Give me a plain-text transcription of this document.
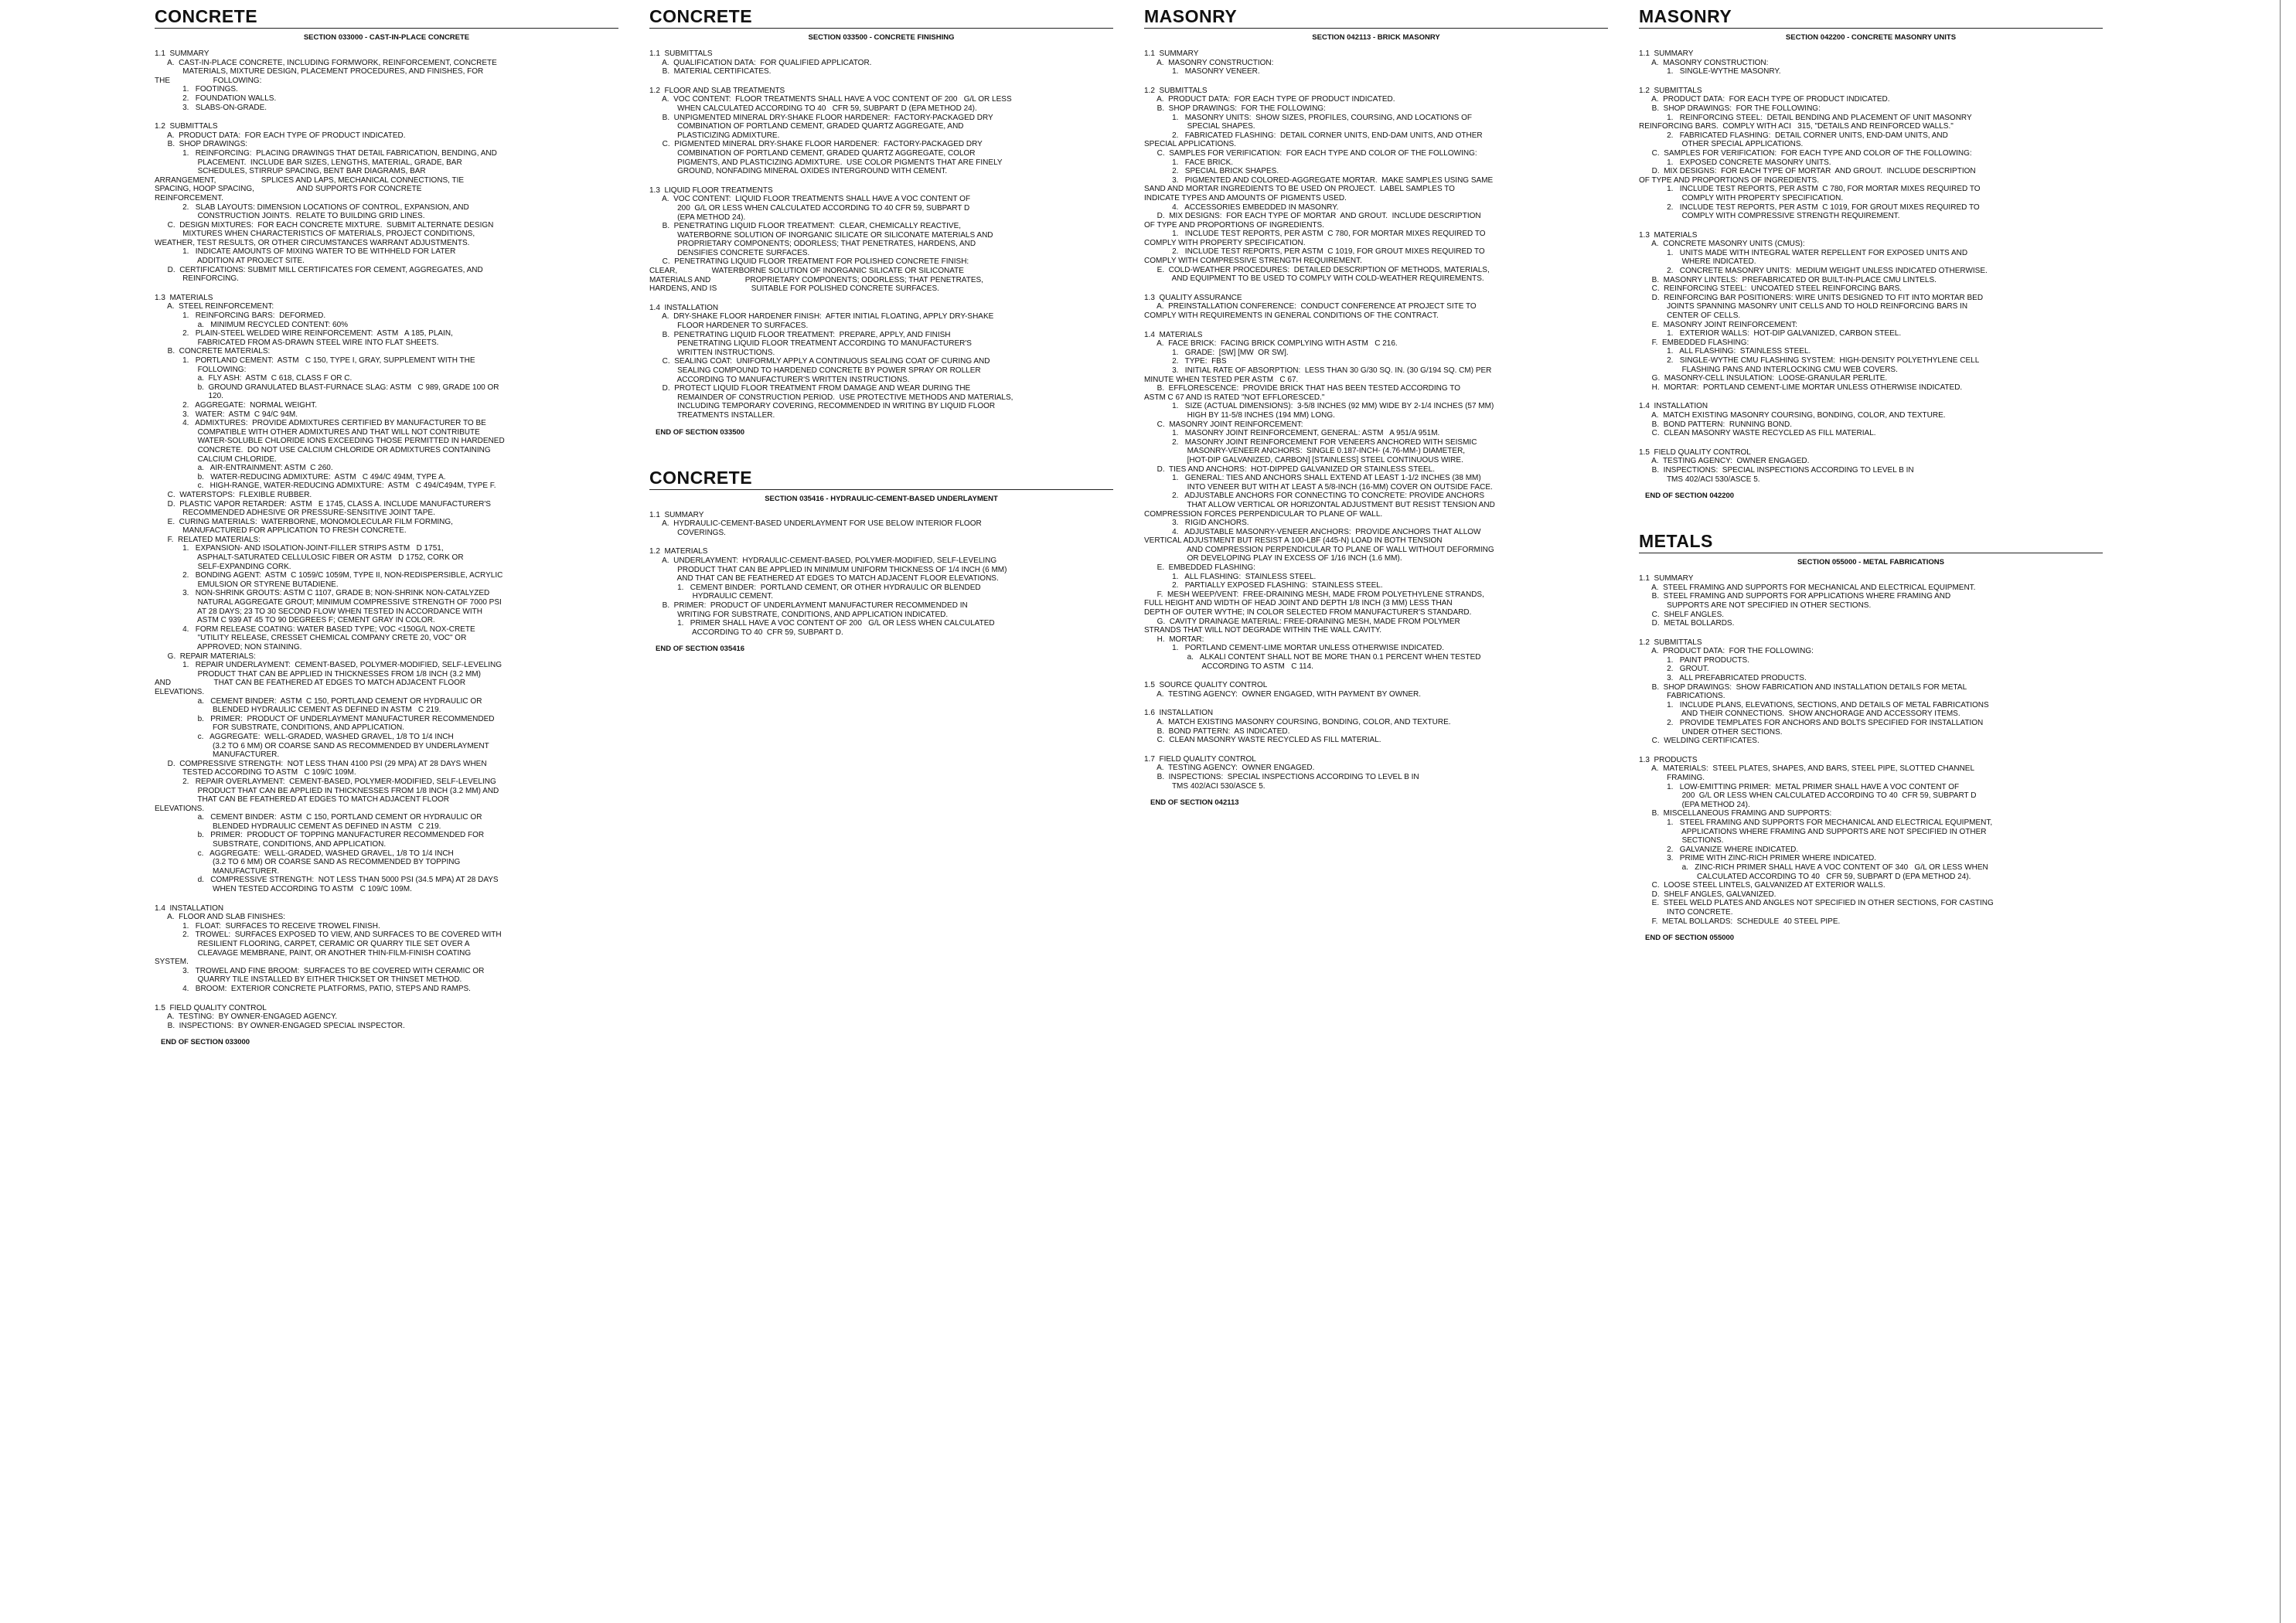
CONCRETE
SECTION 033000 - CAST-IN-PLACE CONCRETE
1.1  SUMMARY
A.  CAST-IN-PLACE CONCRETE, INCLUDING FORMWORK, REINFORCEMENT, CONCRETE
MATERIALS, MIXTURE DESIGN, PLACEMENT PROCEDURES, AND FINISHES, FOR
THE                    FOLLOWING:
1.   FOOTINGS.
2.   FOUNDATION WALLS.
3.   SLABS-ON-GRADE.
1.2  SUBMITTALS
A.  PRODUCT DATA:  FOR EACH TYPE OF PRODUCT INDICATED.
B.  SHOP DRAWINGS:
1.   REINFORCING:  PLACING DRAWINGS THAT DETAIL FABRICATION, BENDING, AND
PLACEMENT.  INCLUDE BAR SIZES, LENGTHS, MATERIAL, GRADE, BAR
SCHEDULES, STIRRUP SPACING, BENT BAR DIAGRAMS, BAR
ARRANGEMENT,                     SPLICES AND LAPS, MECHANICAL CONNECTIONS, TIE
SPACING, HOOP SPACING,                    AND SUPPORTS FOR CONCRETE
REINFORCEMENT.
2.   SLAB LAYOUTS: DIMENSION LOCATIONS OF CONTROL, EXPANSION, AND
CONSTRUCTION JOINTS.  RELATE TO BUILDING GRID LINES.
C.  DESIGN MIXTURES:  FOR EACH CONCRETE MIXTURE.  SUBMIT ALTERNATE DESIGN
MIXTURES WHEN CHARACTERISTICS OF MATERIALS, PROJECT CONDITIONS,
WEATHER, TEST RESULTS, OR OTHER CIRCUMSTANCES WARRANT ADJUSTMENTS.
1.   INDICATE AMOUNTS OF MIXING WATER TO BE WITHHELD FOR LATER
ADDITION AT PROJECT SITE.
D.  CERTIFICATIONS: SUBMIT MILL CERTIFICATES FOR CEMENT, AGGREGATES, AND
REINFORCING.
1.3  MATERIALS
A.  STEEL REINFORCEMENT:
1.   REINFORCING BARS:  DEFORMED.
a.   MINIMUM RECYCLED CONTENT: 60%
2.   PLAIN-STEEL WELDED WIRE REINFORCEMENT:  ASTM   A 185, PLAIN,
FABRICATED FROM AS-DRAWN STEEL WIRE INTO FLAT SHEETS.
B.  CONCRETE MATERIALS:
1.   PORTLAND CEMENT:  ASTM   C 150, TYPE I, GRAY, SUPPLEMENT WITH THE
FOLLOWING:
a.  FLY ASH:  ASTM  C 618, CLASS F OR C.
b.  GROUND GRANULATED BLAST-FURNACE SLAG: ASTM   C 989, GRADE 100 OR
120.
2.   AGGREGATE:  NORMAL WEIGHT.
3.   WATER:  ASTM  C 94/C 94M.
4.   ADMIXTURES:  PROVIDE ADMIXTURES CERTIFIED BY MANUFACTURER TO BE
COMPATIBLE WITH OTHER ADMIXTURES AND THAT WILL NOT CONTRIBUTE
WATER-SOLUBLE CHLORIDE IONS EXCEEDING THOSE PERMITTED IN HARDENED
CONCRETE.  DO NOT USE CALCIUM CHLORIDE OR ADMIXTURES CONTAINING
CALCIUM CHLORIDE.
a.   AIR-ENTRAINMENT: ASTM  C 260.
b.   WATER-REDUCING ADMIXTURE:  ASTM   C 494/C 494M, TYPE A.
c.   HIGH-RANGE, WATER-REDUCING ADMIXTURE:  ASTM   C 494/C494M, TYPE F.
C.  WATERSTOPS:  FLEXIBLE RUBBER.
D.  PLASTIC VAPOR RETARDER:  ASTM   E 1745, CLASS A. INCLUDE MANUFACTURER'S
RECOMMENDED ADHESIVE OR PRESSURE-SENSITIVE JOINT TAPE.
E.  CURING MATERIALS:  WATERBORNE, MONOMOLECULAR FILM FORMING,
MANUFACTURED FOR APPLICATION TO FRESH CONCRETE.
F.  RELATED MATERIALS:
1.   EXPANSION- AND ISOLATION-JOINT-FILLER STRIPS ASTM   D 1751,
ASPHALT-SATURATED CELLULOSIC FIBER OR ASTM   D 1752, CORK OR
SELF-EXPANDING CORK.
2.   BONDING AGENT:  ASTM  C 1059/C 1059M, TYPE II, NON-REDISPERSIBLE, ACRYLIC
EMULSION OR STYRENE BUTADIENE.
3.   NON-SHRINK GROUTS: ASTM C 1107, GRADE B; NON-SHRINK NON-CATALYZED
NATURAL AGGREGATE GROUT; MINIMUM COMPRESSIVE STRENGTH OF 7000 PSI
AT 28 DAYS; 23 TO 30 SECOND FLOW WHEN TESTED IN ACCORDANCE WITH
ASTM C 939 AT 45 TO 90 DEGREES F; CEMENT GRAY IN COLOR.
4.   FORM RELEASE COATING: WATER BASED TYPE; VOC <150G/L NOX-CRETE
"UTILITY RELEASE, CRESSET CHEMICAL COMPANY CRETE 20, VOC" OR
APPROVED; NON STAINING.
G.  REPAIR MATERIALS:
1.   REPAIR UNDERLAYMENT:  CEMENT-BASED, POLYMER-MODIFIED, SELF-LEVELING
PRODUCT THAT CAN BE APPLIED IN THICKNESSES FROM 1/8 INCH (3.2 MM)
AND                    THAT CAN BE FEATHERED AT EDGES TO MATCH ADJACENT FLOOR
ELEVATIONS.
a.   CEMENT BINDER:  ASTM  C 150, PORTLAND CEMENT OR HYDRAULIC OR
BLENDED HYDRAULIC CEMENT AS DEFINED IN ASTM   C 219.
b.   PRIMER:  PRODUCT OF UNDERLAYMENT MANUFACTURER RECOMMENDED
FOR SUBSTRATE, CONDITIONS, AND APPLICATION.
c.   AGGREGATE:  WELL-GRADED, WASHED GRAVEL, 1/8 TO 1/4 INCH
(3.2 TO 6 MM) OR COARSE SAND AS RECOMMENDED BY UNDERLAYMENT
MANUFACTURER.
D.  COMPRESSIVE STRENGTH:  NOT LESS THAN 4100 PSI (29 MPA) AT 28 DAYS WHEN
TESTED ACCORDING TO ASTM   C 109/C 109M.
2.   REPAIR OVERLAYMENT:  CEMENT-BASED, POLYMER-MODIFIED, SELF-LEVELING
PRODUCT THAT CAN BE APPLIED IN THICKNESSES FROM 1/8 INCH (3.2 MM) AND
THAT CAN BE FEATHERED AT EDGES TO MATCH ADJACENT FLOOR
ELEVATIONS.
a.   CEMENT BINDER:  ASTM  C 150, PORTLAND CEMENT OR HYDRAULIC OR
BLENDED HYDRAULIC CEMENT AS DEFINED IN ASTM   C 219.
b.   PRIMER:  PRODUCT OF TOPPING MANUFACTURER RECOMMENDED FOR
SUBSTRATE, CONDITIONS, AND APPLICATION.
c.   AGGREGATE:  WELL-GRADED, WASHED GRAVEL, 1/8 TO 1/4 INCH
(3.2 TO 6 MM) OR COARSE SAND AS RECOMMENDED BY TOPPING
MANUFACTURER.
d.   COMPRESSIVE STRENGTH:  NOT LESS THAN 5000 PSI (34.5 MPA) AT 28 DAYS
WHEN TESTED ACCORDING TO ASTM   C 109/C 109M.
1.4  INSTALLATION
A.  FLOOR AND SLAB FINISHES:
1.   FLOAT:  SURFACES TO RECEIVE TROWEL FINISH.
2.   TROWEL:  SURFACES EXPOSED TO VIEW, AND SURFACES TO BE COVERED WITH
RESILIENT FLOORING, CARPET, CERAMIC OR QUARRY TILE SET OVER A
CLEAVAGE MEMBRANE, PAINT, OR ANOTHER THIN-FILM-FINISH COATING
SYSTEM.
3.   TROWEL AND FINE BROOM:  SURFACES TO BE COVERED WITH CERAMIC OR
QUARRY TILE INSTALLED BY EITHER THICKSET OR THINSET METHOD.
4.   BROOM:  EXTERIOR CONCRETE PLATFORMS, PATIO, STEPS AND RAMPS.
1.5  FIELD QUALITY CONTROL
A.  TESTING:  BY OWNER-ENGAGED AGENCY.
B.  INSPECTIONS:  BY OWNER-ENGAGED SPECIAL INSPECTOR.
END OF SECTION 033000
CONCRETE
SECTION 033500 - CONCRETE FINISHING
1.1  SUBMITTALS
A.  QUALIFICATION DATA:  FOR QUALIFIED APPLICATOR.
B.  MATERIAL CERTIFICATES.
1.2  FLOOR AND SLAB TREATMENTS
A.  VOC CONTENT:  FLOOR TREATMENTS SHALL HAVE A VOC CONTENT OF 200   G/L OR LESS
WHEN CALCULATED ACCORDING TO 40   CFR 59, SUBPART D (EPA METHOD 24).
B.  UNPIGMENTED MINERAL DRY-SHAKE FLOOR HARDENER:  FACTORY-PACKAGED DRY
COMBINATION OF PORTLAND CEMENT, GRADED QUARTZ AGGREGATE, AND
PLASTICIZING ADMIXTURE.
C.  PIGMENTED MINERAL DRY-SHAKE FLOOR HARDENER:  FACTORY-PACKAGED DRY
COMBINATION OF PORTLAND CEMENT, GRADED QUARTZ AGGREGATE, COLOR
PIGMENTS, AND PLASTICIZING ADMIXTURE.  USE COLOR PIGMENTS THAT ARE FINELY
GROUND, NONFADING MINERAL OXIDES INTERGROUND WITH CEMENT.
1.3  LIQUID FLOOR TREATMENTS
A.  VOC CONTENT:  LIQUID FLOOR TREATMENTS SHALL HAVE A VOC CONTENT OF
200  G/L OR LESS WHEN CALCULATED ACCORDING TO 40 CFR 59, SUBPART D
(EPA METHOD 24).
B.  PENETRATING LIQUID FLOOR TREATMENT:  CLEAR, CHEMICALLY REACTIVE,
WATERBORNE SOLUTION OF INORGANIC SILICATE OR SILICONATE MATERIALS AND
PROPRIETARY COMPONENTS; ODORLESS; THAT PENETRATES, HARDENS, AND
DENSIFIES CONCRETE SURFACES.
C.  PENETRATING LIQUID FLOOR TREATMENT FOR POLISHED CONCRETE FINISH:
CLEAR,                WATERBORNE SOLUTION OF INORGANIC SILICATE OR SILICONATE
MATERIALS AND                PROPRIETARY COMPONENTS; ODORLESS; THAT PENETRATES,
HARDENS, AND IS                SUITABLE FOR POLISHED CONCRETE SURFACES.
1.4  INSTALLATION
A.  DRY-SHAKE FLOOR HARDENER FINISH:  AFTER INITIAL FLOATING, APPLY DRY-SHAKE
FLOOR HARDENER TO SURFACES.
B.  PENETRATING LIQUID FLOOR TREATMENT:  PREPARE, APPLY, AND FINISH
PENETRATING LIQUID FLOOR TREATMENT ACCORDING TO MANUFACTURER'S
WRITTEN INSTRUCTIONS.
C.  SEALING COAT:  UNIFORMLY APPLY A CONTINUOUS SEALING COAT OF CURING AND
SEALING COMPOUND TO HARDENED CONCRETE BY POWER SPRAY OR ROLLER
ACCORDING TO MANUFACTURER'S WRITTEN INSTRUCTIONS.
D.  PROTECT LIQUID FLOOR TREATMENT FROM DAMAGE AND WEAR DURING THE
REMAINDER OF CONSTRUCTION PERIOD.  USE PROTECTIVE METHODS AND MATERIALS,
INCLUDING TEMPORARY COVERING, RECOMMENDED IN WRITING BY LIQUID FLOOR
TREATMENTS INSTALLER.
END OF SECTION 033500
CONCRETE
SECTION 035416 - HYDRAULIC-CEMENT-BASED UNDERLAYMENT
1.1  SUMMARY
A.  HYDRAULIC-CEMENT-BASED UNDERLAYMENT FOR USE BELOW INTERIOR FLOOR
COVERINGS.
1.2  MATERIALS
A.  UNDERLAYMENT:  HYDRAULIC-CEMENT-BASED, POLYMER-MODIFIED, SELF-LEVELING
PRODUCT THAT CAN BE APPLIED IN MINIMUM UNIFORM THICKNESS OF 1/4 INCH (6 MM)
AND THAT CAN BE FEATHERED AT EDGES TO MATCH ADJACENT FLOOR ELEVATIONS.
1.   CEMENT BINDER:  PORTLAND CEMENT, OR OTHER HYDRAULIC OR BLENDED
HYDRAULIC CEMENT.
B.  PRIMER:  PRODUCT OF UNDERLAYMENT MANUFACTURER RECOMMENDED IN
WRITING FOR SUBSTRATE, CONDITIONS, AND APPLICATION INDICATED.
1.   PRIMER SHALL HAVE A VOC CONTENT OF 200   G/L OR LESS WHEN CALCULATED
ACCORDING TO 40  CFR 59, SUBPART D.
END OF SECTION 035416
MASONRY
SECTION 042113 - BRICK MASONRY
1.1  SUMMARY
A.  MASONRY CONSTRUCTION:
1.   MASONRY VENEER.
1.2  SUBMITTALS
A.  PRODUCT DATA:  FOR EACH TYPE OF PRODUCT INDICATED.
B.  SHOP DRAWINGS:  FOR THE FOLLOWING:
1.   MASONRY UNITS:  SHOW SIZES, PROFILES, COURSING, AND LOCATIONS OF
SPECIAL SHAPES.
2.   FABRICATED FLASHING:  DETAIL CORNER UNITS, END-DAM UNITS, AND OTHER
SPECIAL APPLICATIONS.
C.  SAMPLES FOR VERIFICATION:  FOR EACH TYPE AND COLOR OF THE FOLLOWING:
1.   FACE BRICK.
2.   SPECIAL BRICK SHAPES.
3.   PIGMENTED AND COLORED-AGGREGATE MORTAR.  MAKE SAMPLES USING SAME
SAND AND MORTAR INGREDIENTS TO BE USED ON PROJECT.  LABEL SAMPLES TO
INDICATE TYPES AND AMOUNTS OF PIGMENTS USED.
4.   ACCESSORIES EMBEDDED IN MASONRY.
D.  MIX DESIGNS:  FOR EACH TYPE OF MORTAR  AND GROUT.  INCLUDE DESCRIPTION
OF TYPE AND PROPORTIONS OF INGREDIENTS.
1.   INCLUDE TEST REPORTS, PER ASTM  C 780, FOR MORTAR MIXES REQUIRED TO
COMPLY WITH PROPERTY SPECIFICATION.
2.   INCLUDE TEST REPORTS, PER ASTM  C 1019, FOR GROUT MIXES REQUIRED TO
COMPLY WITH COMPRESSIVE STRENGTH REQUIREMENT.
E.  COLD-WEATHER PROCEDURES:  DETAILED DESCRIPTION OF METHODS, MATERIALS,
AND EQUIPMENT TO BE USED TO COMPLY WITH COLD-WEATHER REQUIREMENTS.
1.3  QUALITY ASSURANCE
A.  PREINSTALLATION CONFERENCE:  CONDUCT CONFERENCE AT PROJECT SITE TO
COMPLY WITH REQUIREMENTS IN GENERAL CONDITIONS OF THE CONTRACT.
1.4  MATERIALS
A.  FACE BRICK:  FACING BRICK COMPLYING WITH ASTM   C 216.
1.   GRADE:  [SW] [MW  OR SW].
2.   TYPE:  FBS
3.   INITIAL RATE OF ABSORPTION:  LESS THAN 30 G/30 SQ. IN. (30 G/194 SQ. CM) PER
MINUTE WHEN TESTED PER ASTM   C 67.
B.  EFFLORESCENCE:  PROVIDE BRICK THAT HAS BEEN TESTED ACCORDING TO
ASTM C 67 AND IS RATED "NOT EFFLORESCED."
1.   SIZE (ACTUAL DIMENSIONS):  3-5/8 INCHES (92 MM) WIDE BY 2-1/4 INCHES (57 MM)
HIGH BY 11-5/8 INCHES (194 MM) LONG.
C.  MASONRY JOINT REINFORCEMENT:
1.   MASONRY JOINT REINFORCEMENT, GENERAL: ASTM   A 951/A 951M.
2.   MASONRY JOINT REINFORCEMENT FOR VENEERS ANCHORED WITH SEISMIC
MASONRY-VENEER ANCHORS:  SINGLE 0.187-INCH- (4.76-MM-) DIAMETER,
[HOT-DIP GALVANIZED, CARBON] [STAINLESS] STEEL CONTINUOUS WIRE.
D.  TIES AND ANCHORS:  HOT-DIPPED GALVANIZED OR STAINLESS STEEL.
1.   GENERAL: TIES AND ANCHORS SHALL EXTEND AT LEAST 1-1/2 INCHES (38 MM)
INTO VENEER BUT WITH AT LEAST A 5/8-INCH (16-MM) COVER ON OUTSIDE FACE.
2.   ADJUSTABLE ANCHORS FOR CONNECTING TO CONCRETE: PROVIDE ANCHORS
THAT ALLOW VERTICAL OR HORIZONTAL ADJUSTMENT BUT RESIST TENSION AND
COMPRESSION FORCES PERPENDICULAR TO PLANE OF WALL.
3.   RIGID ANCHORS.
4.   ADJUSTABLE MASONRY-VENEER ANCHORS:  PROVIDE ANCHORS THAT ALLOW
VERTICAL ADJUSTMENT BUT RESIST A 100-LBF (445-N) LOAD IN BOTH TENSION
AND COMPRESSION PERPENDICULAR TO PLANE OF WALL WITHOUT DEFORMING
OR DEVELOPING PLAY IN EXCESS OF 1/16 INCH (1.6 MM).
E.  EMBEDDED FLASHING:
1.   ALL FLASHING:  STAINLESS STEEL.
2.   PARTIALLY EXPOSED FLASHING:  STAINLESS STEEL.
F.  MESH WEEP/VENT:  FREE-DRAINING MESH, MADE FROM POLYETHYLENE STRANDS,
FULL HEIGHT AND WIDTH OF HEAD JOINT AND DEPTH 1/8 INCH (3 MM) LESS THAN
DEPTH OF OUTER WYTHE; IN COLOR SELECTED FROM MANUFACTURER'S STANDARD.
G.  CAVITY DRAINAGE MATERIAL: FREE-DRAINING MESH, MADE FROM POLYMER
STRANDS THAT WILL NOT DEGRADE WITHIN THE WALL CAVITY.
H.  MORTAR:
1.   PORTLAND CEMENT-LIME MORTAR UNLESS OTHERWISE INDICATED.
a.   ALKALI CONTENT SHALL NOT BE MORE THAN 0.1 PERCENT WHEN TESTED
ACCORDING TO ASTM   C 114.
1.5  SOURCE QUALITY CONTROL
A.  TESTING AGENCY:  OWNER ENGAGED, WITH PAYMENT BY OWNER.
1.6  INSTALLATION
A.  MATCH EXISTING MASONRY COURSING, BONDING, COLOR, AND TEXTURE.
B.  BOND PATTERN:  AS INDICATED.
C.  CLEAN MASONRY WASTE RECYCLED AS FILL MATERIAL.
1.7  FIELD QUALITY CONTROL
A.  TESTING AGENCY:  OWNER ENGAGED.
B.  INSPECTIONS:  SPECIAL INSPECTIONS ACCORDING TO LEVEL B IN
TMS 402/ACI 530/ASCE 5.
END OF SECTION 042113
MASONRY
SECTION 042200 - CONCRETE MASONRY UNITS
1.1  SUMMARY
A.  MASONRY CONSTRUCTION:
1.   SINGLE-WYTHE MASONRY.
1.2  SUBMITTALS
A.  PRODUCT DATA:  FOR EACH TYPE OF PRODUCT INDICATED.
B.  SHOP DRAWINGS:  FOR THE FOLLOWING:
1.   REINFORCING STEEL:  DETAIL BENDING AND PLACEMENT OF UNIT MASONRY
REINFORCING BARS.  COMPLY WITH ACI   315, "DETAILS AND REINFORCED WALLS."
2.   FABRICATED FLASHING:  DETAIL CORNER UNITS, END-DAM UNITS, AND
OTHER SPECIAL APPLICATIONS.
C.  SAMPLES FOR VERIFICATION:  FOR EACH TYPE AND COLOR OF THE FOLLOWING:
1.   EXPOSED CONCRETE MASONRY UNITS.
D.  MIX DESIGNS:  FOR EACH TYPE OF MORTAR  AND GROUT.  INCLUDE DESCRIPTION
OF TYPE AND PROPORTIONS OF INGREDIENTS.
1.   INCLUDE TEST REPORTS, PER ASTM  C 780, FOR MORTAR MIXES REQUIRED TO
COMPLY WITH PROPERTY SPECIFICATION.
2.   INCLUDE TEST REPORTS, PER ASTM  C 1019, FOR GROUT MIXES REQUIRED TO
COMPLY WITH COMPRESSIVE STRENGTH REQUIREMENT.
1.3  MATERIALS
A.  CONCRETE MASONRY UNITS (CMUS):
1.   UNITS MADE WITH INTEGRAL WATER REPELLENT FOR EXPOSED UNITS AND
WHERE INDICATED.
2.   CONCRETE MASONRY UNITS:  MEDIUM WEIGHT UNLESS INDICATED OTHERWISE.
B.  MASONRY LINTELS:  PREFABRICATED OR BUILT-IN-PLACE CMU LINTELS.
C.  REINFORCING STEEL:  UNCOATED STEEL REINFORCING BARS.
D.  REINFORCING BAR POSITIONERS: WIRE UNITS DESIGNED TO FIT INTO MORTAR BED
JOINTS SPANNING MASONRY UNIT CELLS AND TO HOLD REINFORCING BARS IN
CENTER OF CELLS.
E.  MASONRY JOINT REINFORCEMENT:
1.   EXTERIOR WALLS:  HOT-DIP GALVANIZED, CARBON STEEL.
F.  EMBEDDED FLASHING:
1.   ALL FLASHING:  STAINLESS STEEL.
2.   SINGLE-WYTHE CMU FLASHING SYSTEM:  HIGH-DENSITY POLYETHYLENE CELL
FLASHING PANS AND INTERLOCKING CMU WEB COVERS.
G.  MASONRY-CELL INSULATION:  LOOSE-GRANULAR PERLITE.
H.  MORTAR:  PORTLAND CEMENT-LIME MORTAR UNLESS OTHERWISE INDICATED.
1.4  INSTALLATION
A.  MATCH EXISTING MASONRY COURSING, BONDING, COLOR, AND TEXTURE.
B.  BOND PATTERN:  RUNNING BOND.
C.  CLEAN MASONRY WASTE RECYCLED AS FILL MATERIAL.
1.5  FIELD QUALITY CONTROL
A.  TESTING AGENCY:  OWNER ENGAGED.
B.  INSPECTIONS:  SPECIAL INSPECTIONS ACCORDING TO LEVEL B IN
TMS 402/ACI 530/ASCE 5.
END OF SECTION 042200
METALS
SECTION 055000 - METAL FABRICATIONS
1.1  SUMMARY
A.  STEEL FRAMING AND SUPPORTS FOR MECHANICAL AND ELECTRICAL EQUIPMENT.
B.  STEEL FRAMING AND SUPPORTS FOR APPLICATIONS WHERE FRAMING AND
SUPPORTS ARE NOT SPECIFIED IN OTHER SECTIONS.
C.  SHELF ANGLES.
D.  METAL BOLLARDS.
1.2  SUBMITTALS
A.  PRODUCT DATA:  FOR THE FOLLOWING:
1.   PAINT PRODUCTS.
2.   GROUT.
3.   ALL PREFABRICATED PRODUCTS.
B.  SHOP DRAWINGS:  SHOW FABRICATION AND INSTALLATION DETAILS FOR METAL
FABRICATIONS.
1.   INCLUDE PLANS, ELEVATIONS, SECTIONS, AND DETAILS OF METAL FABRICATIONS
AND THEIR CONNECTIONS.  SHOW ANCHORAGE AND ACCESSORY ITEMS.
2.   PROVIDE TEMPLATES FOR ANCHORS AND BOLTS SPECIFIED FOR INSTALLATION
UNDER OTHER SECTIONS.
C.  WELDING CERTIFICATES.
1.3  PRODUCTS
A.  MATERIALS:  STEEL PLATES, SHAPES, AND BARS, STEEL PIPE, SLOTTED CHANNEL
FRAMING.
1.   LOW-EMITTING PRIMER:  METAL PRIMER SHALL HAVE A VOC CONTENT OF
200  G/L OR LESS WHEN CALCULATED ACCORDING TO 40  CFR 59, SUBPART D
(EPA METHOD 24).
B.  MISCELLANEOUS FRAMING AND SUPPORTS:
1.   STEEL FRAMING AND SUPPORTS FOR MECHANICAL AND ELECTRICAL EQUIPMENT,
APPLICATIONS WHERE FRAMING AND SUPPORTS ARE NOT SPECIFIED IN OTHER
SECTIONS.
2.   GALVANIZE WHERE INDICATED.
3.   PRIME WITH ZINC-RICH PRIMER WHERE INDICATED.
a.   ZINC-RICH PRIMER SHALL HAVE A VOC CONTENT OF 340   G/L OR LESS WHEN
CALCULATED ACCORDING TO 40   CFR 59, SUBPART D (EPA METHOD 24).
C.  LOOSE STEEL LINTELS, GALVANIZED AT EXTERIOR WALLS.
D.  SHELF ANGLES, GALVANIZED.
E.  STEEL WELD PLATES AND ANGLES NOT SPECIFIED IN OTHER SECTIONS, FOR CASTING
INTO CONCRETE.
F.  METAL BOLLARDS:  SCHEDULE  40 STEEL PIPE.
END OF SECTION 055000
